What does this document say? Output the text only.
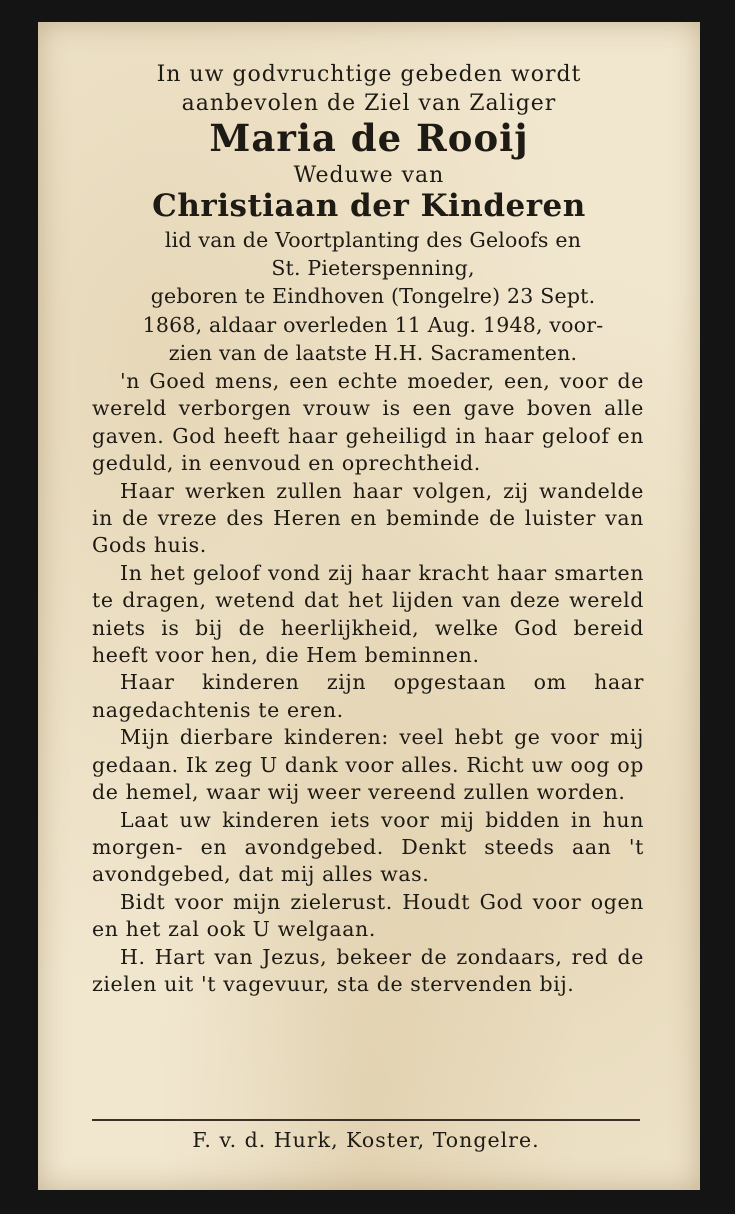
In uw godvruchtige gebeden wordt
aanbevolen de Ziel van Zaliger
Maria de Rooij
Weduwe van
Christiaan der Kinderen
lid van de Voortplanting des Geloofs en
St. Pieterspenning,
geboren te Eindhoven (Tongelre) 23 Sept.
1868, aldaar overleden 11 Aug. 1948, voor-
zien van de laatste H.H. Sacramenten.

'n Goed mens, een echte moeder, een, voor de wereld verborgen vrouw is een gave boven alle gaven. God heeft haar geheiligd in haar geloof en geduld, in eenvoud en oprechtheid.

Haar werken zullen haar volgen, zij wandelde in de vreze des Heren en beminde de luister van Gods huis.

In het geloof vond zij haar kracht haar smarten te dragen, wetend dat het lijden van deze wereld niets is bij de heerlijkheid, welke God bereid heeft voor hen, die Hem beminnen.

Haar kinderen zijn opgestaan om haar nagedachtenis te eren.

Mijn dierbare kinderen: veel hebt ge voor mij gedaan. Ik zeg U dank voor alles. Richt uw oog op de hemel, waar wij weer vereend zullen worden.

Laat uw kinderen iets voor mij bidden in hun morgen- en avondgebed. Denkt steeds aan 't avondgebed, dat mij alles was.

Bidt voor mijn zielerust. Houdt God voor ogen en het zal ook U welgaan.

H. Hart van Jezus, bekeer de zondaars, red de zielen uit 't vagevuur, sta de stervenden bij.

F. v. d. Hurk, Koster, Tongelre.
